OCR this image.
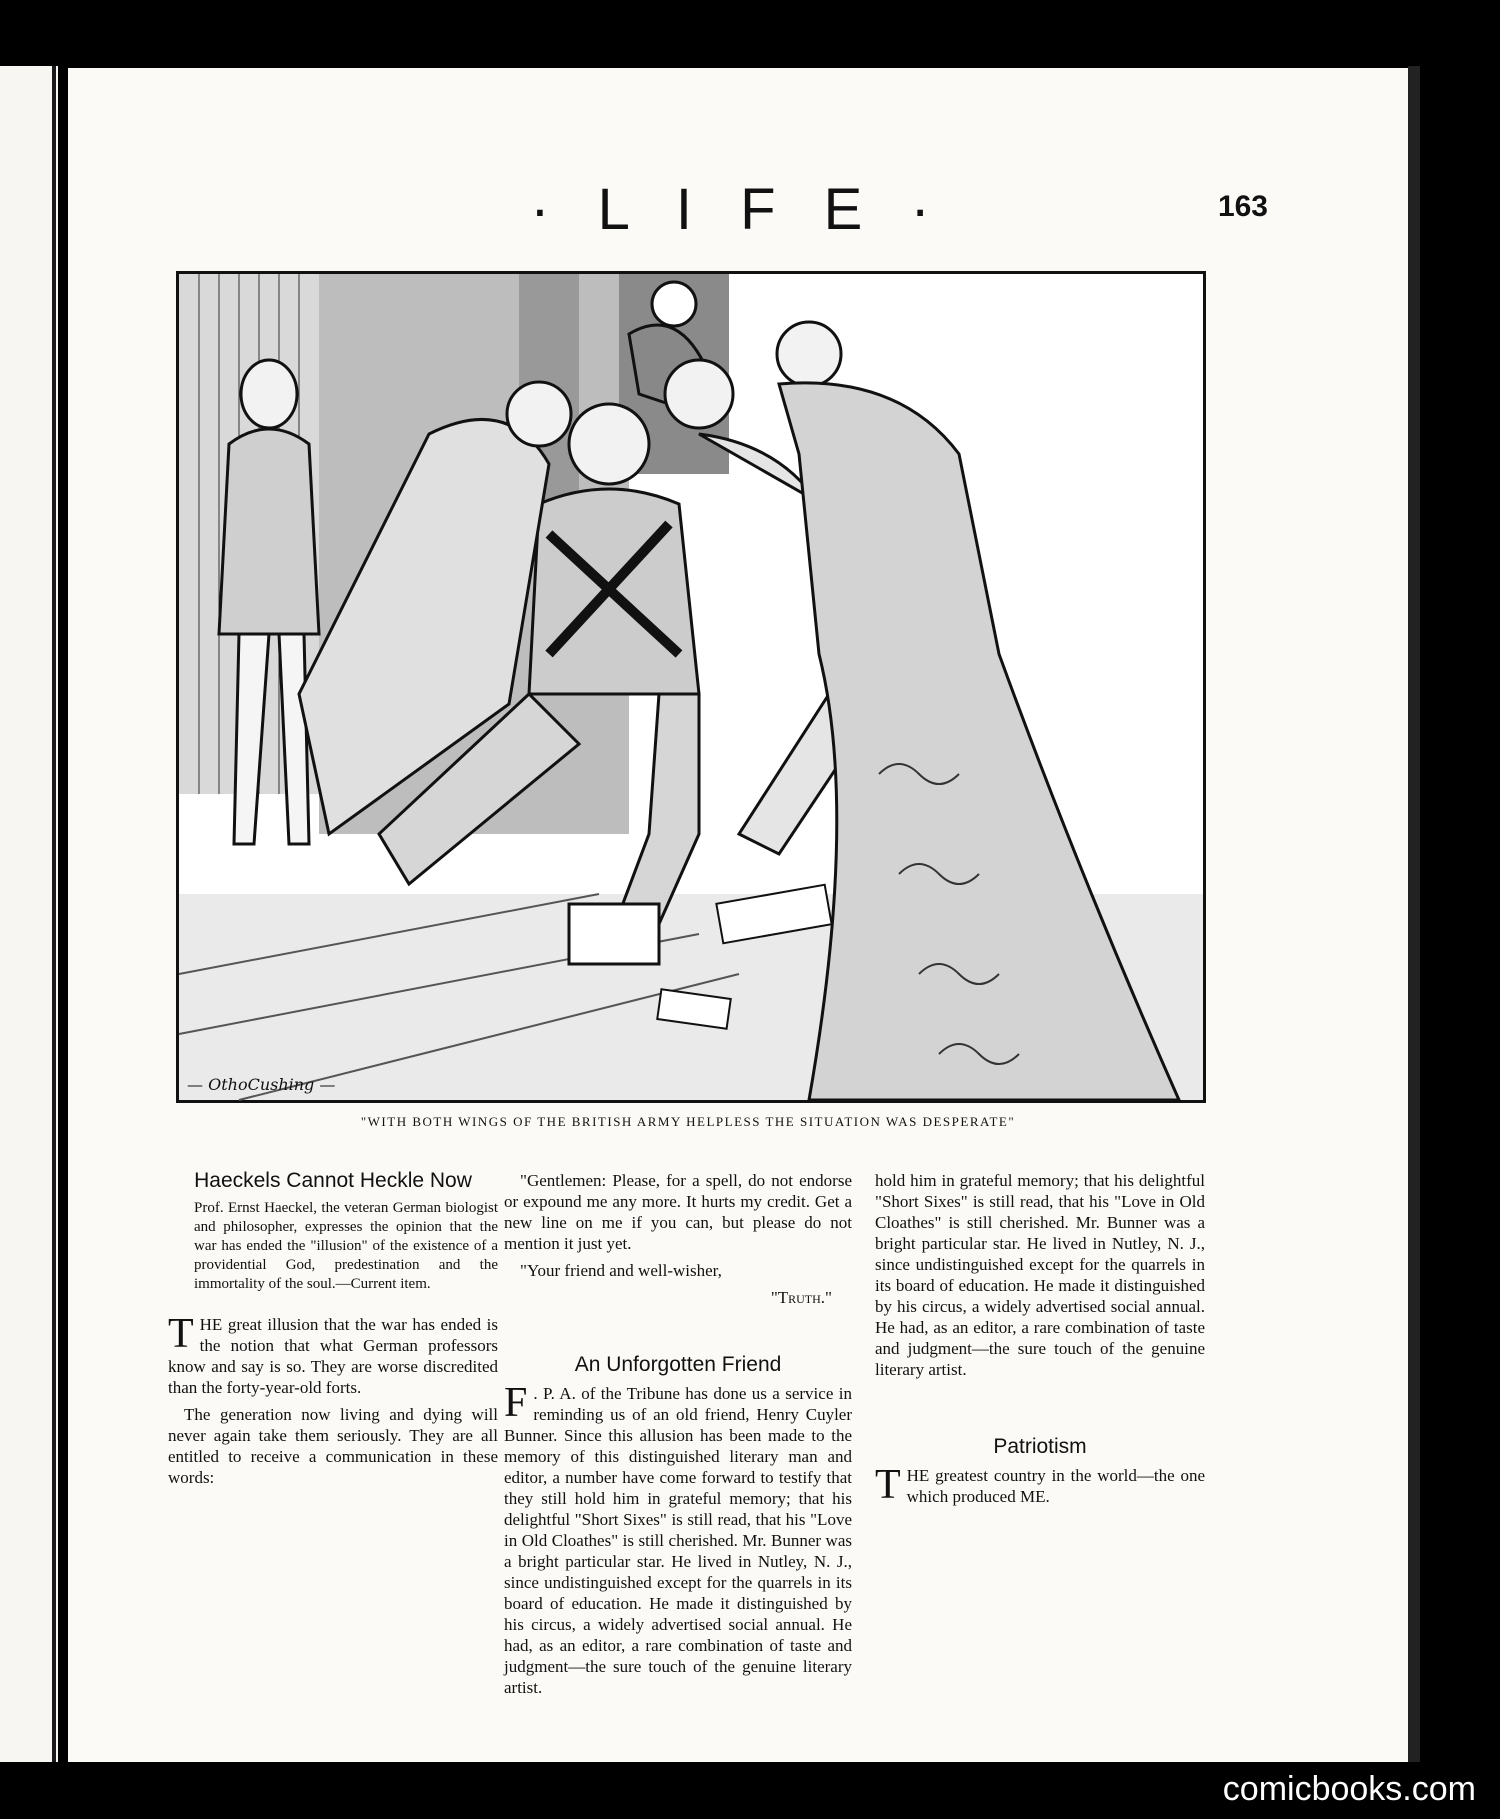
· L I F E ·	163
— OthoCushing —
"WITH BOTH WINGS OF THE BRITISH ARMY HELPLESS THE SITUATION WAS DESPERATE"
Haeckels Cannot Heckle Now
Prof. Ernst Haeckel, the veteran German biologist and philosopher, expresses the opinion that the war has ended the "illusion" of the existence of a providential God, predestination and the immortality of the soul.—Current item.

THE great illusion that the war has ended is the notion that what German professors know and say is so. They are worse discredited than the forty-year-old forts.

The generation now living and dying will never again take them seriously. They are all entitled to receive a communication in these words:

"Gentlemen: Please, for a spell, do not endorse or expound me any more. It hurts my credit. Get a new line on me if you can, but please do not mention it just yet.

"Your friend and well-wisher,

"Truth."

An Unforgotten Friend

F . P. A. of the Tribune has done us a service in reminding us of an old friend, Henry Cuyler Bunner. Since this allusion has been made to the memory of this distinguished literary man and editor, a number have come forward to testify that they still hold him in grateful memory; that his delightful "Short Sixes" is still read, that his "Love in Old Cloathes" is still cherished. Mr. Bunner was a bright particular star. He lived in Nutley, N. J., since undistinguished except for the quarrels in its board of education. He made it distinguished by his circus, a widely advertised social annual. He had, as an editor, a rare combination of taste and judgment—the sure touch of the genuine literary artist.

hold him in grateful memory; that his delightful "Short Sixes" is still read, that his "Love in Old Cloathes" is still cherished. Mr. Bunner was a bright particular star. He lived in Nutley, N. J., since undistinguished except for the quarrels in its board of education. He made it distinguished by his circus, a widely advertised social annual. He had, as an editor, a rare combination of taste and judgment—the sure touch of the genuine literary artist.

Patriotism

THE greatest country in the world—the one which produced ME.

comicbooks.com
